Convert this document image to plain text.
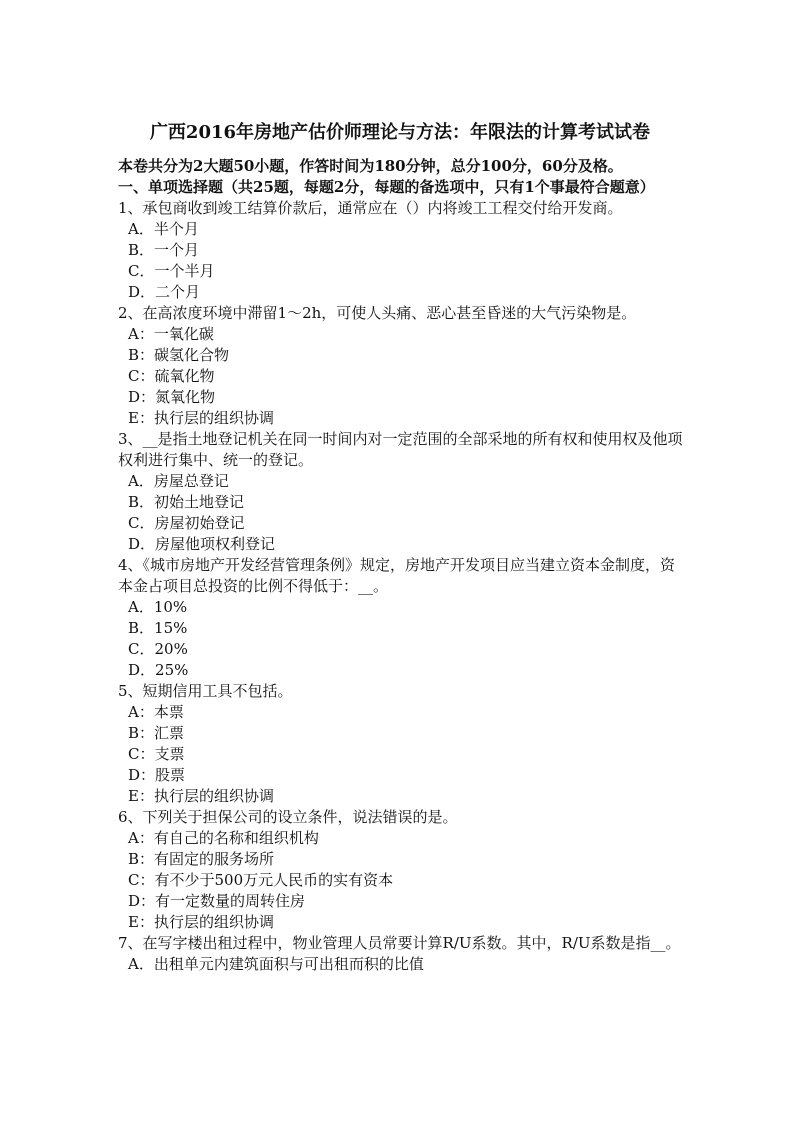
广西2016年房地产估价师理论与方法：年限法的计算考试试卷
本卷共分为2大题50小题，作答时间为180分钟，总分100分，60分及格。
一、单项选择题（共25题，每题2分，每题的备选项中，只有1个事最符合题意）
1、承包商收到竣工结算价款后，通常应在（）内将竣工工程交付给开发商。
A．半个月
B．一个月
C．一个半月
D．二个月
2、在高浓度环境中滞留1～2h，可使人头痛、恶心甚至昏迷的大气污染物是。
A：一氧化碳
B：碳氢化合物
C：硫氧化物
D：氮氧化物
E：执行层的组织协调
3、__是指土地登记机关在同一时间内对一定范围的全部采地的所有权和使用权及他项权利进行集中、统一的登记。
A．房屋总登记
B．初始土地登记
C．房屋初始登记
D．房屋他项权利登记
4、《城市房地产开发经营管理条例》规定，房地产开发项目应当建立资本金制度，资本金占项目总投资的比例不得低于：__。
A．10%
B．15%
C．20%
D．25%
5、短期信用工具不包括。
A：本票
B：汇票
C：支票
D：股票
E：执行层的组织协调
6、下列关于担保公司的设立条件，说法错误的是。
A：有自己的名称和组织机构
B：有固定的服务场所
C：有不少于500万元人民币的实有资本
D：有一定数量的周转住房
E：执行层的组织协调
7、在写字楼出租过程中，物业管理人员常要计算R/U系数。其中，R/U系数是指__。
A．出租单元内建筑面积与可出租而积的比值
